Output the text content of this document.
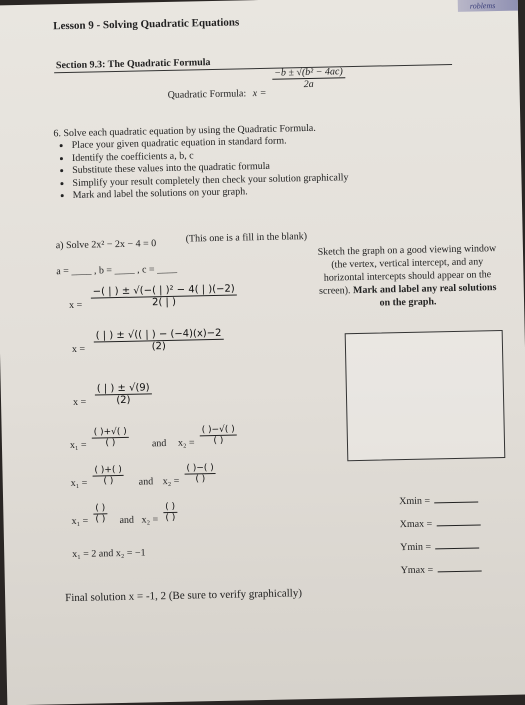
roblems
Lesson 9 - Solving Quadratic Equations
Section 9.3: The Quadratic Formula
Quadratic Formula: x =
$\frac{\text{−b ± √(b² − 4ac)}}{2a}$
6. Solve each quadratic equation by using the Quadratic Formula.
• Place your given quadratic equation in standard form.
• Identify the coefficients a, b, c
• Substitute these values into the quadratic formula
• Simplify your result completely then check your solution graphically
• Mark and label the solutions on your graph.
a) Solve 2x² − 2x − 4 = 0
(This one is a fill in the blank)
a = ____ , b = ____ , c = ____
$x = \frac{\text{−( | ) ± √(−( | )² − 4( | )(−2)}}{2( | )}$
$x = \frac{( | ) \pm √(( | ) - (-4)(x)-2}{(2)}$
$x = \frac{( | ) \pm √(9)}{(2)}$
x₁ =
( )+√( )
( )	and x₂ =
( )−√( )
( )
x₁ =
( )+( )
( )	and x₂ =
( )−( )
( )
x₁ =
( )
( ) and x₂ =
( )
( )
x₁ = 2 and x₂ = −1
Sketch the graph on a good viewing window (the vertex, vertical intercept, and any horizontal intercepts should appear on the screen). Mark and label any real solutions on the graph.
Xmin =
Xmax =
Ymin =
Ymax =
Final solution x = -1, 2 (Be sure to verify graphically)
